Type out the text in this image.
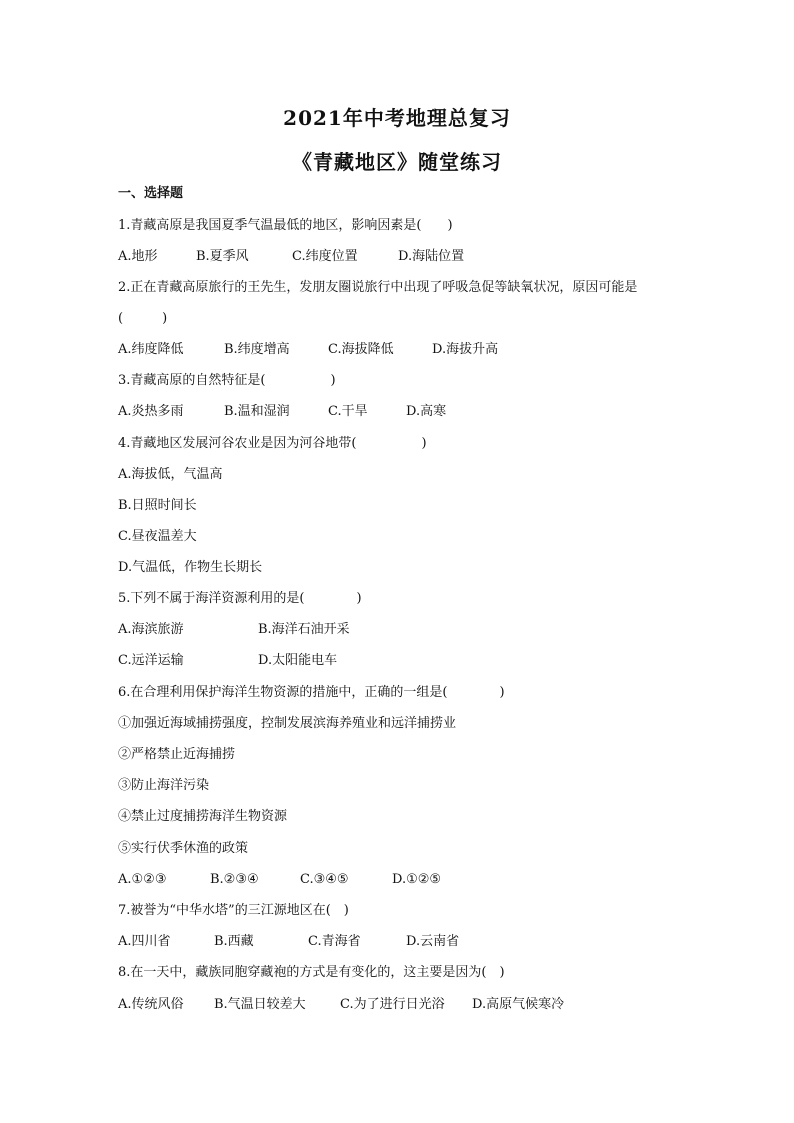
2021年中考地理总复习
《青藏地区》随堂练习
一、选择题
1.青藏高原是我国夏季气温最低的地区，影响因素是(　　)
A.地形	B.夏季风	C.纬度位置	D.海陆位置
2.正在青藏高原旅行的王先生，发朋友圈说旅行中出现了呼吸急促等缺氧状况，原因可能是
(　　　)
A.纬度降低	B.纬度增高	C.海拔降低	D.海拔升高
3.青藏高原的自然特征是(　　　　　)
A.炎热多雨	B.温和湿润	C.干旱	D.高寒
4.青藏地区发展河谷农业是因为河谷地带(　　　　　)
A.海拔低，气温高
B.日照时间长
C.昼夜温差大
D.气温低，作物生长期长
5.下列不属于海洋资源利用的是(　　　　)
A.海滨旅游	B.海洋石油开采
C.远洋运输	D.太阳能电车
6.在合理利用保护海洋生物资源的措施中，正确的一组是(　　　　)
①加强近海域捕捞强度，控制发展滨海养殖业和远洋捕捞业
②严格禁止近海捕捞
③防止海洋污染
④禁止过度捕捞海洋生物资源
⑤实行伏季休渔的政策
A.①②③	B.②③④	C.③④⑤	D.①②⑤
7.被誉为“中华水塔”的三江源地区在(　)
A.四川省	B.西藏	C.青海省	D.云南省
8.在一天中，藏族同胞穿藏袍的方式是有变化的，这主要是因为(　)
A.传统风俗 B.气温日较差大	C.为了进行日光浴 D.高原气候寒冷
